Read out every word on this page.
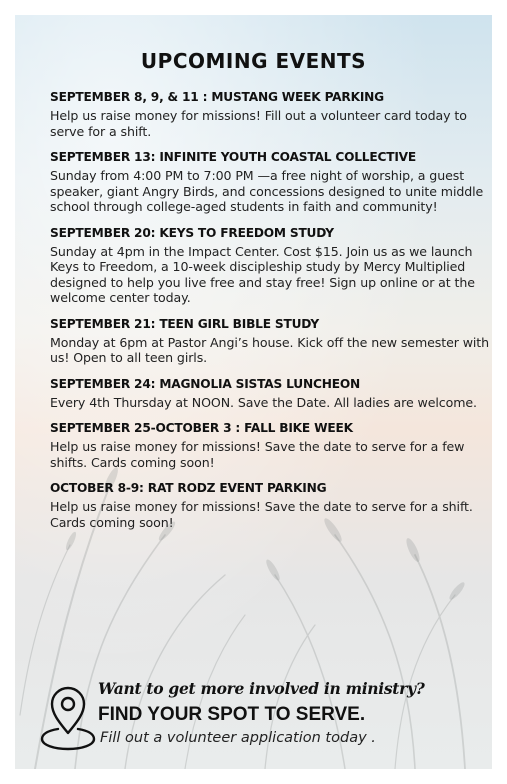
UPCOMING EVENTS
SEPTEMBER 8, 9, & 11 : MUSTANG WEEK PARKING

Help us raise money for missions! Fill out a volunteer card today to serve for a shift.

SEPTEMBER 13: INFINITE YOUTH COASTAL COLLECTIVE

Sunday from 4:00 PM to 7:00 PM —a free night of worship, a guest speaker, giant Angry Birds, and concessions designed to unite middle school through college-aged students in faith and community!

SEPTEMBER 20: KEYS TO FREEDOM STUDY

Sunday at 4pm in the Impact Center. Cost $15. Join us as we launch Keys to Freedom, a 10-week discipleship study by Mercy Multiplied designed to help you live free and stay free! Sign up online or at the welcome center today.

SEPTEMBER 21: TEEN GIRL BIBLE STUDY

Monday at 6pm at Pastor Angi’s house. Kick off the new semester with us! Open to all teen girls.

SEPTEMBER 24: MAGNOLIA SISTAS LUNCHEON

Every 4th Thursday at NOON. Save the Date. All ladies are welcome.

SEPTEMBER 25-OCTOBER 3 : FALL BIKE WEEK

Help us raise money for missions! Save the date to serve for a few shifts. Cards coming soon!

OCTOBER 8-9: RAT RODZ EVENT PARKING

Help us raise money for missions! Save the date to serve for a shift. Cards coming soon!

Want to get more involved in ministry?
FIND YOUR SPOT TO SERVE.
Fill out a volunteer application today .
